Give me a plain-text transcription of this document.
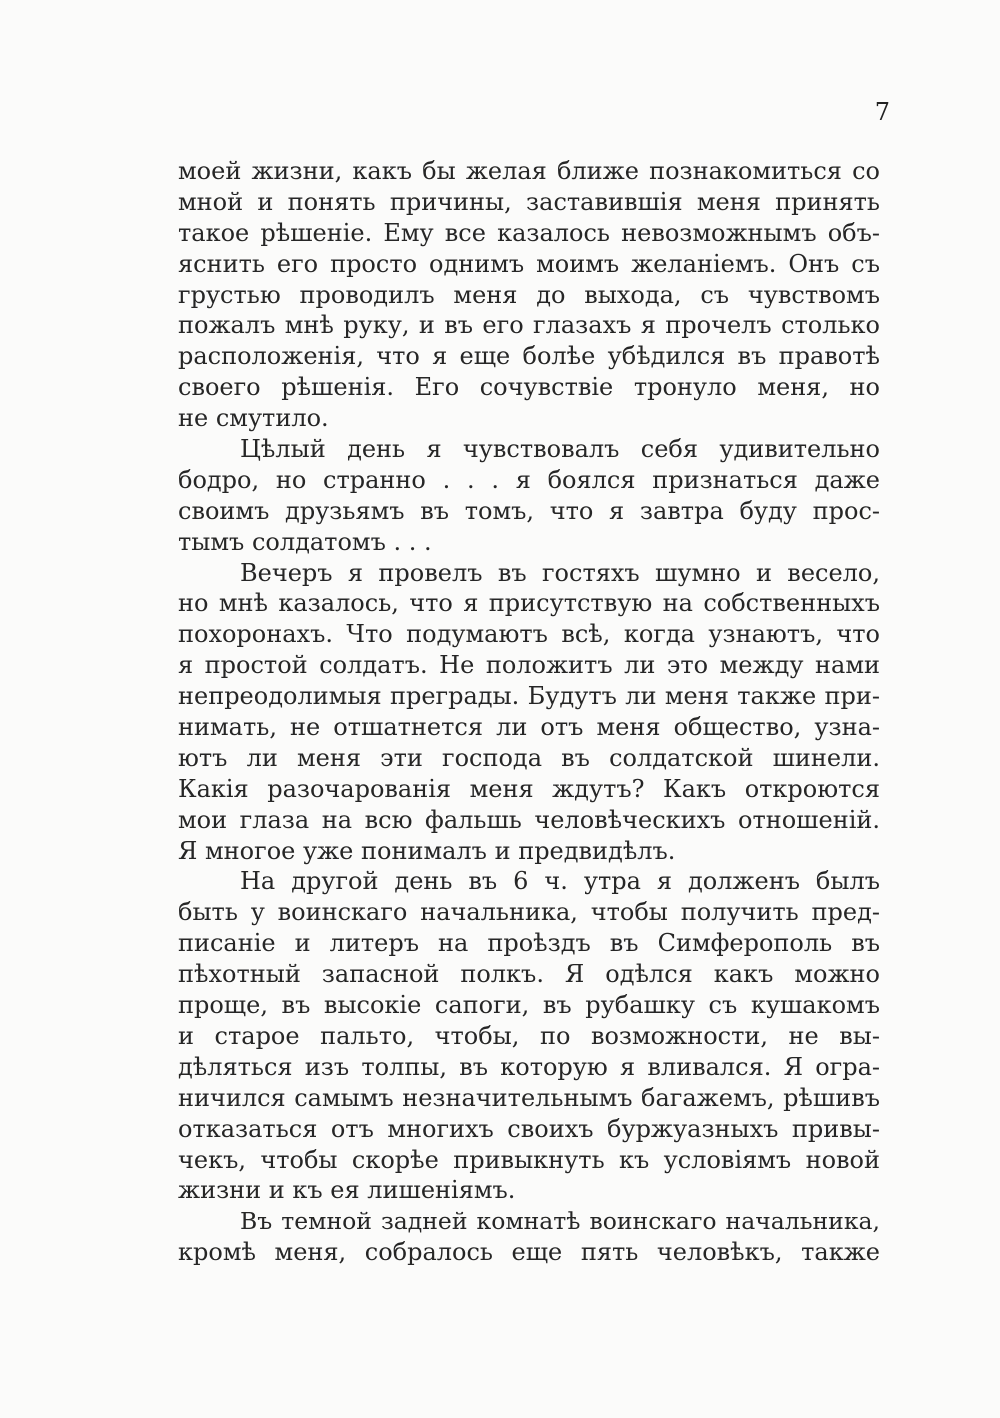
7
моей жизни, какъ бы желая ближе познакомиться со
мной и понять причины, заставившія меня принять
такое рѣшеніе. Ему все казалось невозможнымъ объ-
яснить его просто однимъ моимъ желаніемъ. Онъ съ
грустью проводилъ меня до выхода, съ чувствомъ
пожалъ мнѣ руку, и въ его глазахъ я прочелъ столько
расположенія, что я еще болѣе убѣдился въ правотѣ
своего рѣшенія. Его сочувствіе тронуло меня, но
не смутило.
Цѣлый день я чувствовалъ себя удивительно
бодро, но странно . . . я боялся признаться даже
своимъ друзьямъ въ томъ, что я завтра буду прос-
тымъ солдатомъ . . .
Вечеръ я провелъ въ гостяхъ шумно и весело,
но мнѣ казалось, что я присутствую на собственныхъ
похоронахъ. Что подумаютъ всѣ, когда узнаютъ, что
я простой солдатъ. Не положитъ ли это между нами
непреодолимыя преграды. Будутъ ли меня также при-
нимать, не отшатнется ли отъ меня общество, узна-
ютъ ли меня эти господа въ солдатской шинели.
Какія разочарованія меня ждутъ? Какъ откроются
мои глаза на всю фальшь человѣческихъ отношеній.
Я многое уже понималъ и предвидѣлъ.
На другой день въ 6 ч. утра я долженъ былъ
быть у воинскаго начальника, чтобы получить пред-
писаніе и литеръ на проѣздъ въ Симферополь въ
пѣхотный запасной полкъ. Я одѣлся какъ можно
проще, въ высокіе сапоги, въ рубашку съ кушакомъ
и старое пальто, чтобы, по возможности, не вы-
дѣляться изъ толпы, въ которую я вливался. Я огра-
ничился самымъ незначительнымъ багажемъ, рѣшивъ
отказаться отъ многихъ своихъ буржуазныхъ привы-
чекъ, чтобы скорѣе привыкнуть къ условіямъ новой
жизни и къ ея лишеніямъ.
Въ темной задней комнатѣ воинскаго начальника,
кромѣ меня, собралось еще пять человѣкъ, также
